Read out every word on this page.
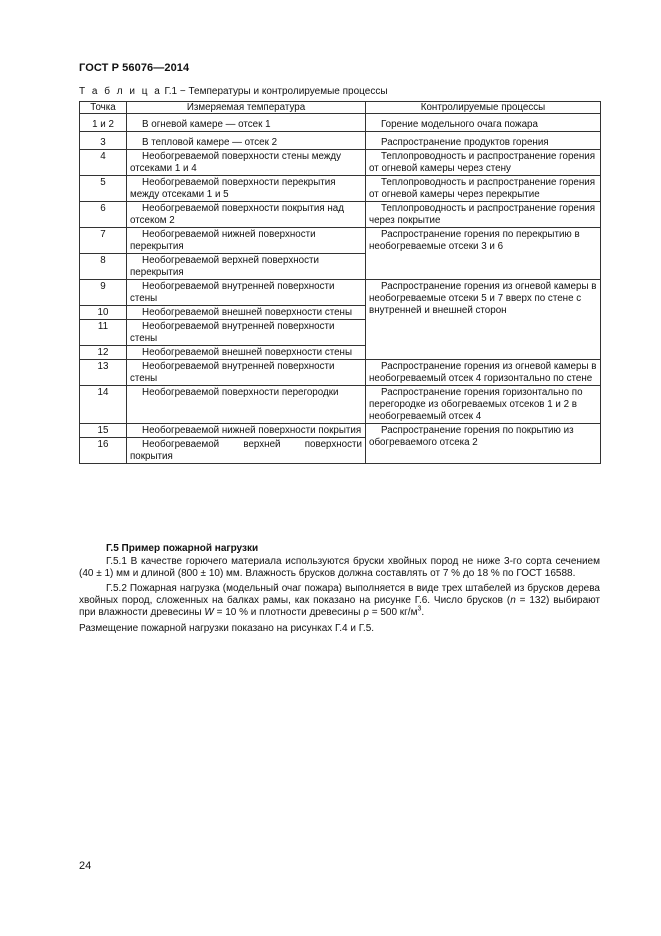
ГОСТ Р 56076—2014
Т а б л и ц а Г.1 − Температуры и контролируемые процессы
Точка	Измеряемая температура	Контролируемые процессы
1 и 2	В огневой камере — отсек 1	Горение модельного очага пожара
3	В тепловой камере — отсек 2	Распространение продуктов горения
4	Необогреваемой поверхности стены между отсеками 1 и 4	Теплопроводность и распространение горения от огневой камеры через стену
5	Необогреваемой поверхности перекрытия между отсеками 1 и 5	Теплопроводность и распространение горения от огневой камеры через перекрытие
6	Необогреваемой поверхности покрытия над отсеком 2	Теплопроводность и распространение горения через покрытие
7	Необогреваемой нижней поверхности перекрытия	Распространение горения по перекрытию в необогреваемые отсеки 3 и 6
8	Необогреваемой верхней поверхности перекрытия	
9	Необогреваемой внутренней поверхности стены	Распространение горения из огневой камеры в необогреваемые отсеки 5 и 7 вверх по стене с внутренней и внешней сторон
10	Необогреваемой внешней поверхности стены	
11	Необогреваемой внутренней поверхности стены	
12	Необогреваемой внешней поверхности стены	
13	Необогреваемой внутренней поверхности стены	Распространение горения из огневой камеры в необогреваемый отсек 4 горизонтально по стене
14	Необогреваемой поверхности перегородки	Распространение горения горизонтально по перегородке из обогреваемых отсеков 1 и 2 в необогреваемый отсек 4
15	Необогреваемой нижней поверхности покрытия	Распространение горения по покрытию из обогреваемого отсека 2
16	Необогреваемой верхней поверхности покрытия	
Г.5 Пример пожарной нагрузки

Г.5.1 В качестве горючего материала используются бруски хвойных пород не ниже 3-го сорта сечением (40 ± 1) мм и длиной (800 ± 10) мм. Влажность брусков должна составлять от 7 % до 18 % по ГОСТ 16588.

Г.5.2 Пожарная нагрузка (модельный очаг пожара) выполняется в виде трех штабелей из брусков дерева хвойных пород, сложенных на балках рамы, как показано на рисунке Г.6. Число брусков (n = 132) выбирают при влажности древесины W = 10 % и плотности древесины ρ = 500 $кг/м^3$.

Размещение пожарной нагрузки показано на рисунках Г.4 и Г.5.

24
